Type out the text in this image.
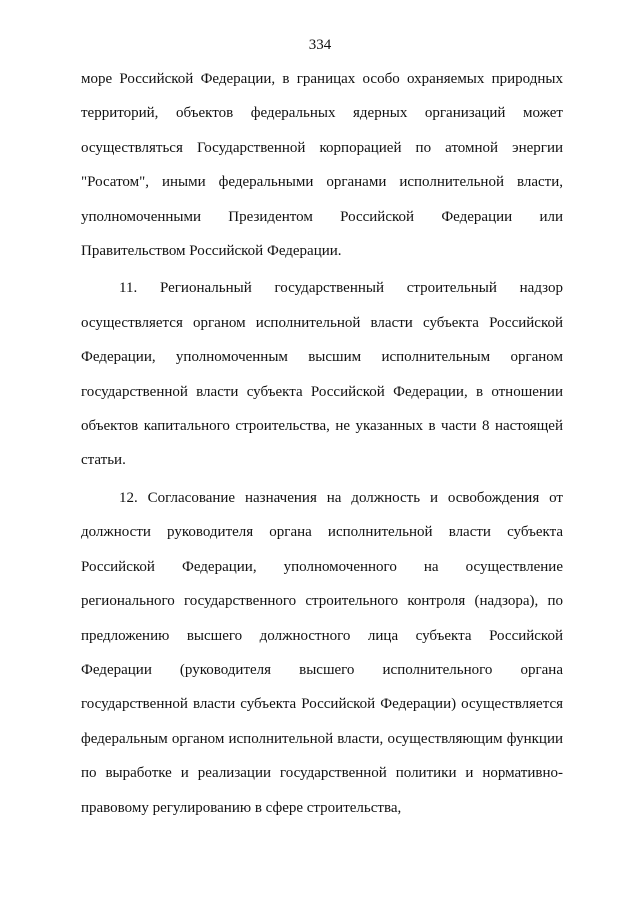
334

море Российской Федерации, в границах особо охраняемых природных территорий, объектов федеральных ядерных организаций может осуществляться Государственной корпорацией по атомной энергии "Росатом", иными федеральными органами исполнительной власти, уполномоченными Президентом Российской Федерации или Правительством Российской Федерации.

11. Региональный государственный строительный надзор осуществляется органом исполнительной власти субъекта Российской Федерации, уполномоченным высшим исполнительным органом государственной власти субъекта Российской Федерации, в отношении объектов капитального строительства, не указанных в части 8 настоящей статьи.

12. Согласование назначения на должность и освобождения от должности руководителя органа исполнительной власти субъекта Российской Федерации, уполномоченного на осуществление регионального государственного строительного контроля (надзора), по предложению высшего должностного лица субъекта Российской Федерации (руководителя высшего исполнительного органа государственной власти субъекта Российской Федерации) осуществляется федеральным органом исполнительной власти, осуществляющим функции по выработке и реализации государственной политики и нормативно-правовому регулированию в сфере строительства,
